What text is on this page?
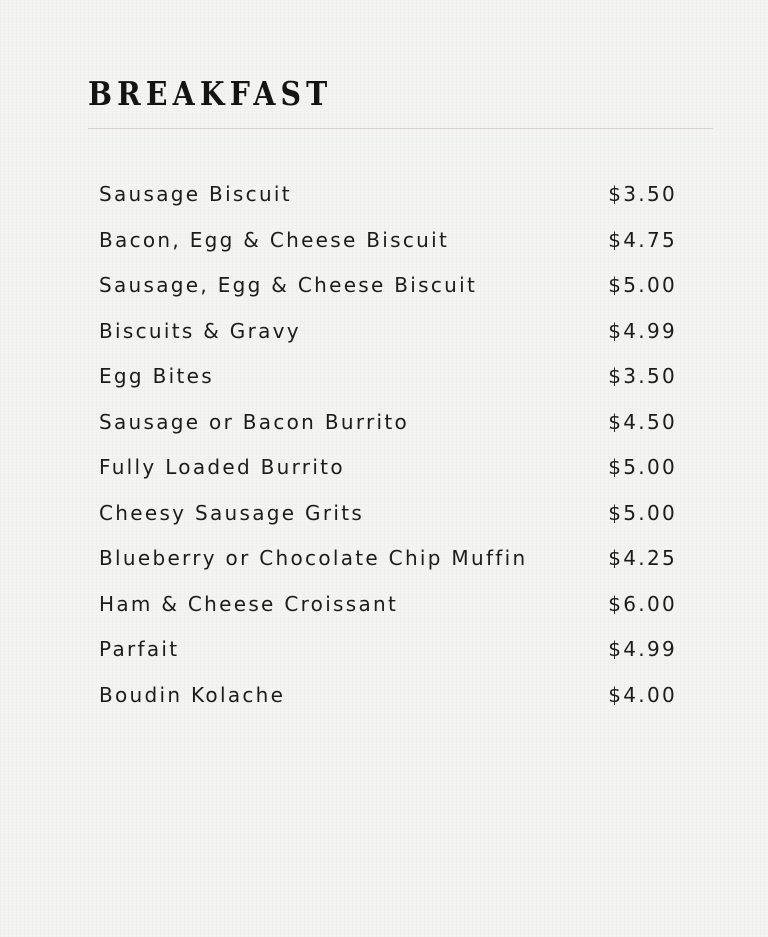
BREAKFAST
Sausage Biscuit	$3.50
Bacon, Egg & Cheese Biscuit	$4.75
Sausage, Egg & Cheese Biscuit	$5.00
Biscuits & Gravy	$4.99
Egg Bites	$3.50
Sausage or Bacon Burrito	$4.50
Fully Loaded Burrito	$5.00
Cheesy Sausage Grits	$5.00
Blueberry or Chocolate Chip Muffin	$4.25
Ham & Cheese Croissant	$6.00
Parfait	$4.99
Boudin Kolache	$4.00
